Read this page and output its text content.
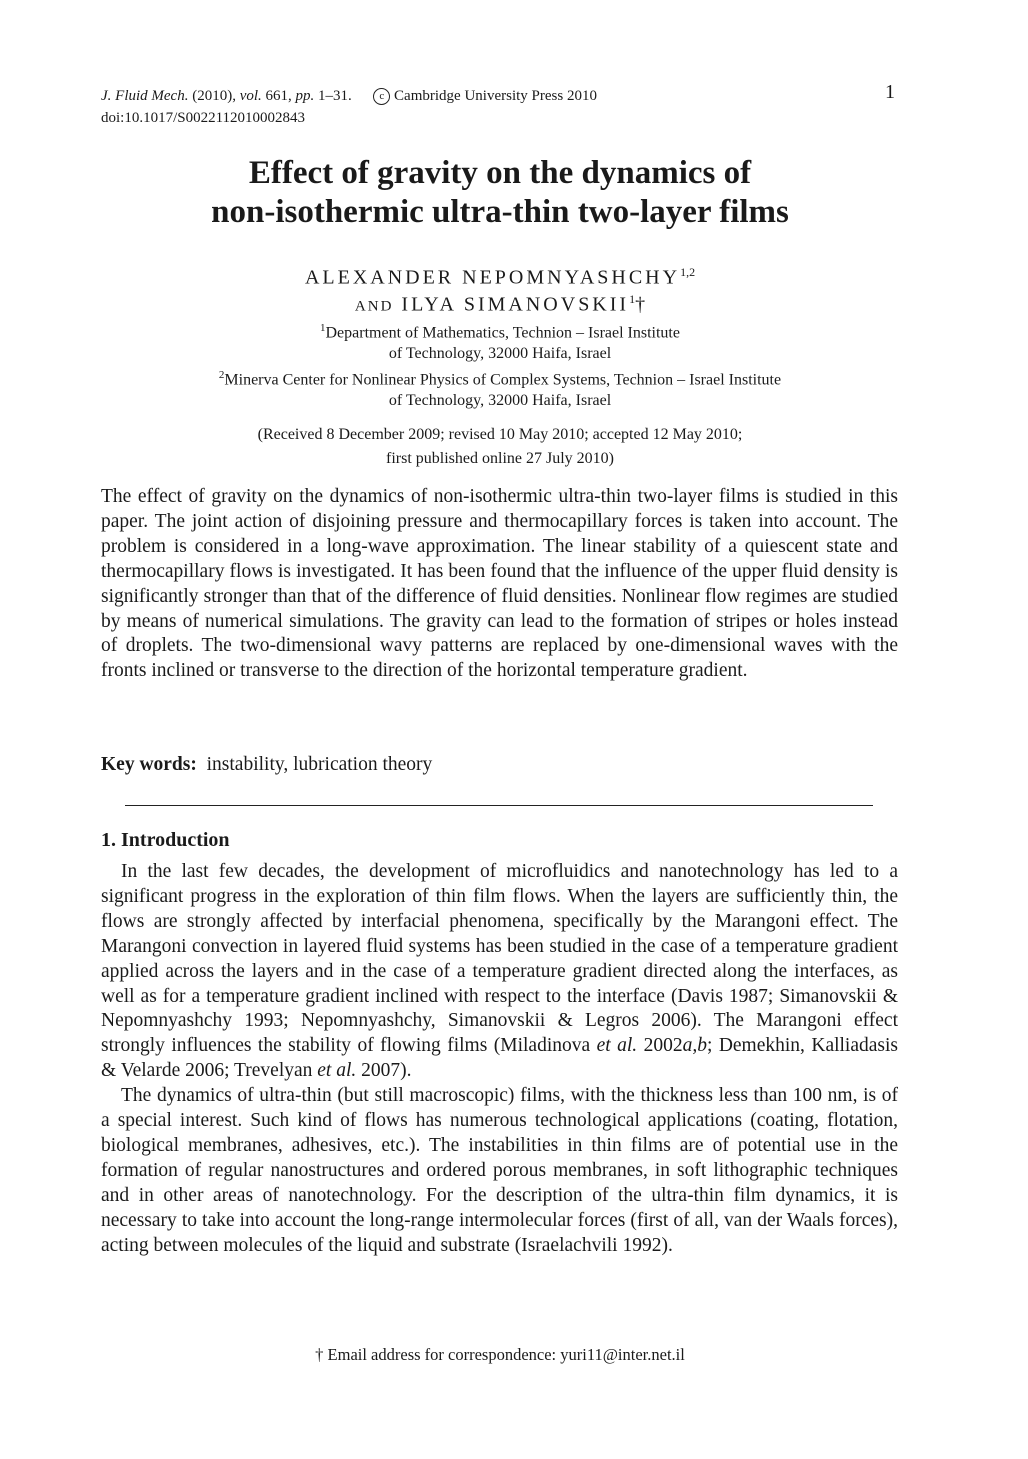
J. Fluid Mech. (2010), vol. 661, pp. 1–31.	c Cambridge University Press 2010
doi:10.1017/S0022112010002843
1
Effect of gravity on the dynamics of
non-isothermic ultra-thin two-layer films
ALEXANDER NEPOMNYASHCHY$^{1,2}$
AND ILYA SIMANOVSKII$^1$†
$^1$Department of Mathematics, Technion – Israel Institute
of Technology, 32000 Haifa, Israel
$^2$Minerva Center for Nonlinear Physics of Complex Systems, Technion – Israel Institute
of Technology, 32000 Haifa, Israel
(Received 8 December 2009; revised 10 May 2010; accepted 12 May 2010;
first published online 27 July 2010)

The effect of gravity on the dynamics of non-isothermic ultra-thin two-layer films is studied in this paper. The joint action of disjoining pressure and thermocapillary forces is taken into account. The problem is considered in a long-wave approximation. The linear stability of a quiescent state and thermocapillary flows is investigated. It has been found that the influence of the upper fluid density is significantly stronger than that of the difference of fluid densities. Nonlinear flow regimes are studied by means of numerical simulations. The gravity can lead to the formation of stripes or holes instead of droplets. The two-dimensional wavy patterns are replaced by one-dimensional waves with the fronts inclined or transverse to the direction of the horizontal temperature gradient.

Key words: instability, lubrication theory
1. Introduction

In the last few decades, the development of microfluidics and nanotechnology has led to a significant progress in the exploration of thin film flows. When the layers are sufficiently thin, the flows are strongly affected by interfacial phenomena, specifically by the Marangoni effect. The Marangoni convection in layered fluid systems has been studied in the case of a temperature gradient applied across the layers and in the case of a temperature gradient directed along the interfaces, as well as for a temperature gradient inclined with respect to the interface (Davis 1987; Simanovskii & Nepomnyashchy 1993; Nepomnyashchy, Simanovskii & Legros 2006). The Marangoni effect strongly influences the stability of flowing films (Miladinova et al. 2002a,b; Demekhin, Kalliadasis & Velarde 2006; Trevelyan et al. 2007).

The dynamics of ultra-thin (but still macroscopic) films, with the thickness less than 100 nm, is of a special interest. Such kind of flows has numerous technological applications (coating, flotation, biological membranes, adhesives, etc.). The instabilities in thin films are of potential use in the formation of regular nanostructures and ordered porous membranes, in soft lithographic techniques and in other areas of nanotechnology. For the description of the ultra-thin film dynamics, it is necessary to take into account the long-range intermolecular forces (first of all, van der Waals forces), acting between molecules of the liquid and substrate (Israelachvili 1992).

† Email address for correspondence: yuri11@inter.net.il
